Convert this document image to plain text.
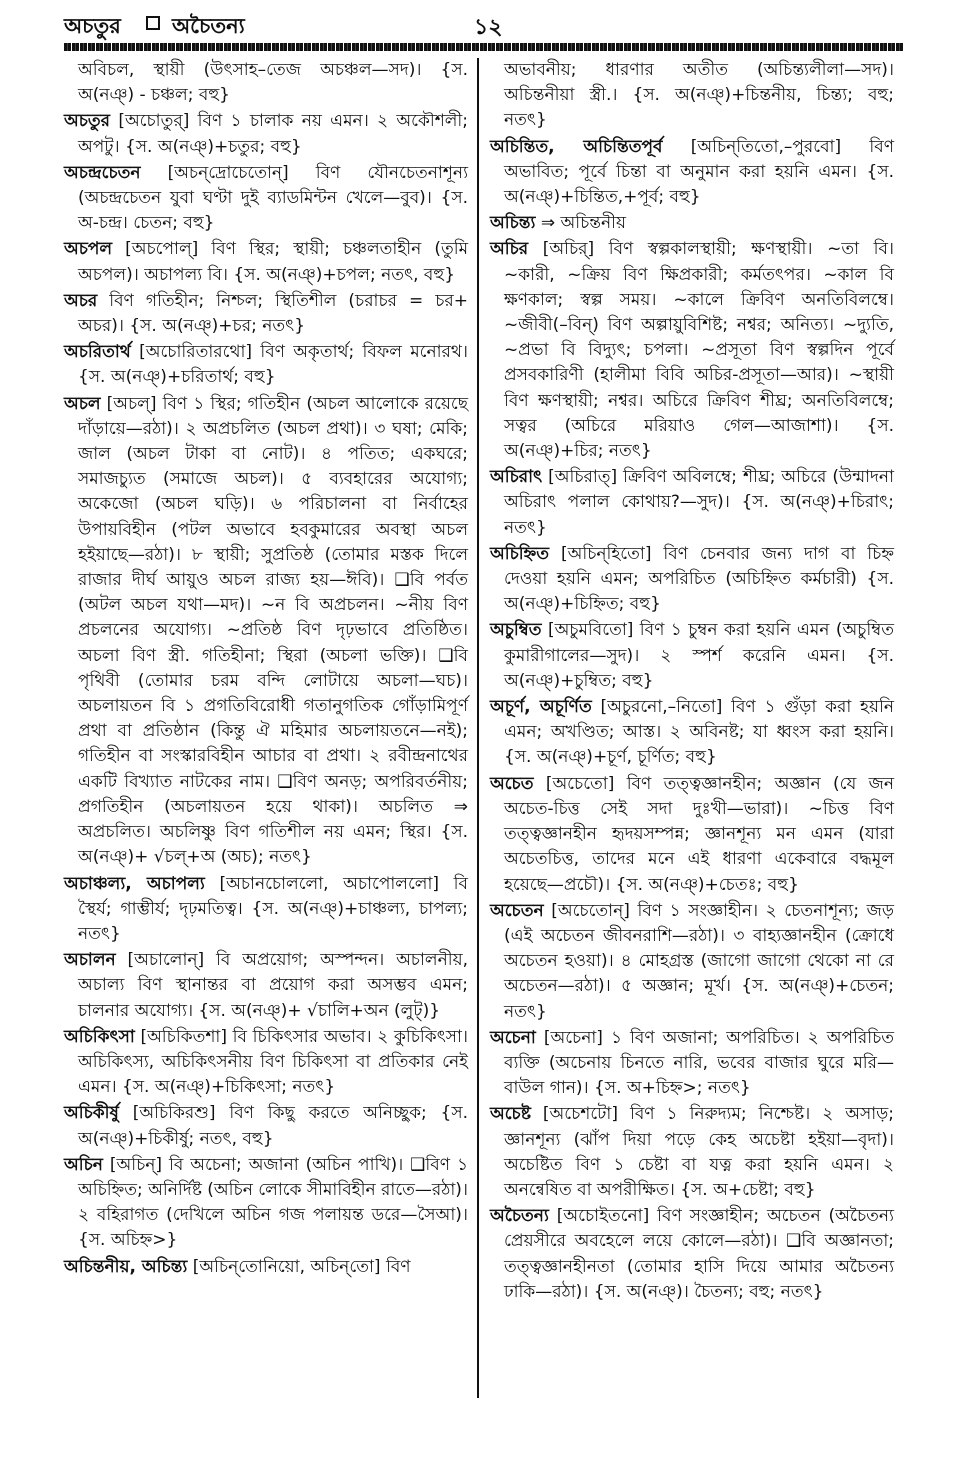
অচতুর অচৈতন্য	১২
অবিচল, স্থায়ী (উৎসাহ–তেজ অচঞ্চল—সদ)। {স. অ(নঞ্‌) - চঞ্চল; বহু}
অচতুর [অচোতুর্] বিণ ১ চালাক নয় এমন। ২ অকৌশলী; অপটু। {স. অ(নঞ্‌)+চতুর; বহু}
অচন্দ্রচেতন [অচন্‌দ্রোচেতোন্] বিণ যৌনচেতনাশূন্য (অচন্দ্রচেতন যুবা ঘণ্টা দুই ব্যাডমিন্টন খেলে—বুব)। {স. অ-চন্দ্র। চেতন; বহু}
অচপল [অচপোল্] বিণ স্থির; স্থায়ী; চঞ্চলতাহীন (তুমি অচপল)। অচাপল্য বি। {স. অ(নঞ্‌)+চপল; নতৎ, বহু}
অচর বিণ গতিহীন; নিশ্চল; স্থিতিশীল (চরাচর = চর+ অচর)। {স. অ(নঞ্‌)+চর; নতৎ}
অচরিতার্থ [অচোরিতারথো] বিণ অকৃতার্থ; বিফল মনোরথ। {স. অ(নঞ্‌)+চরিতার্থ; বহু}
অচল [অচল্] বিণ ১ স্থির; গতিহীন (অচল আলোকে রয়েছে দাঁড়ায়ে—রঠা)। ২ অপ্রচলিত (অচল প্রথা)। ৩ ঘষা; মেকি; জাল (অচল টাকা বা নোট)। ৪ পতিত; একঘরে; সমাজচ্যুত (সমাজে অচল)। ৫ ব্যবহারের অযোগ্য; অকেজো (অচল ঘড়ি)। ৬ পরিচালনা বা নির্বাহের উপায়বিহীন (পটল অভাবে হবকুমারের অবস্থা অচল হইয়াছে—রঠা)। ৮ স্থায়ী; সুপ্রতিষ্ঠ (তোমার মস্তক দিলে রাজার দীর্ঘ আয়ুও অচল রাজ্য হয়—ঈবি)। ❑বি পর্বত (অটল অচল যথা—মদ)। ~ন বি অপ্রচলন। ~নীয় বিণ প্রচলনের অযোগ্য। ~প্রতিষ্ঠ বিণ দৃঢ়ভাবে প্রতিষ্ঠিত। অচলা বিণ স্ত্রী. গতিহীনা; স্থিরা (অচলা ভক্তি)। ❑বি পৃথিবী (তোমার চরম বন্দি লোটায়ে অচলা—ঘচ)। অচলায়তন বি ১ প্রগতিবিরোধী গতানুগতিক গোঁড়ামিপূর্ণ প্রথা বা প্রতিষ্ঠান (কিন্তু ঐ মহিমার অচলায়তনে—নই); গতিহীন বা সংস্কারবিহীন আচার বা প্রথা। ২ রবীন্দ্রনাথের একটি বিখ্যাত নাটকের নাম। ❑বিণ অনড়; অপরিবর্তনীয়; প্রগতিহীন (অচলায়তন হয়ে থাকা)। অচলিত ⇒ অপ্রচলিত। অচলিষ্ণু বিণ গতিশীল নয় এমন; স্থির। {স. অ(নঞ্‌)+ √চল্+অ (অচ); নতৎ}
অচাঞ্চল্য, অচাপল্য [অচানচোললো, অচাপোললো] বি স্থৈর্য; গাম্ভীর্য; দৃঢ়মতিত্ব। {স. অ(নঞ্‌)+চাঞ্চল্য, চাপল্য; নতৎ}
অচালন [অচালোন্] বি অপ্রয়োগ; অস্পন্দন। অচালনীয়, অচাল্য বিণ স্থানান্তর বা প্রয়োগ করা অসম্ভব এমন; চালনার অযোগ্য। {স. অ(নঞ্‌)+ √চালি+অন (লুট্)}
অচিকিৎসা [অচিকিতশা] বি চিকিৎসার অভাব। ২ কুচিকিৎসা। অচিকিৎস্য, অচিকিৎসনীয় বিণ চিকিৎসা বা প্রতিকার নেই এমন। {স. অ(নঞ্‌)+চিকিৎসা; নতৎ}
অচিকীর্ষু [অচিকিরশু] বিণ কিছু করতে অনিচ্ছুক; {স. অ(নঞ্‌)+চিকীর্ষু; নতৎ, বহু}
অচিন [অচিন্] বি অচেনা; অজানা (অচিন পাখি)। ❑বিণ ১ অচিহ্নিত; অনির্দিষ্ট (অচিন লোকে সীমাবিহীন রাতে—রঠা)। ২ বহিরাগত (দেখিলে অচিন গজ পলায়ন্ত ডরে—সৈআ)। {স. অচিহ্ন>}
অচিন্তনীয়, অচিন্ত্য [অচিন্‌তোনিয়ো, অচিন্‌তো] বিণ
অভাবনীয়; ধারণার অতীত (অচিন্ত্যলীলা—সদ)। অচিন্তনীয়া স্ত্রী.। {স. অ(নঞ্‌)+চিন্তনীয়, চিন্ত্য; বহু; নতৎ}
অচিন্তিত, অচিন্তিতপূর্ব [অচিন্‌তিতো,–পুরবো] বিণ অভাবিত; পূর্বে চিন্তা বা অনুমান করা হয়নি এমন। {স. অ(নঞ্‌)+চিন্তিত,+পূর্ব; বহু}
অচিন্ত্য ⇒ অচিন্তনীয়
অচির [অচির্] বিণ স্বল্পকালস্থায়ী; ক্ষণস্থায়ী। ~তা বি। ~কারী, ~ক্রিয় বিণ ক্ষিপ্রকারী; কর্মতৎপর। ~কাল বি ক্ষণকাল; স্বল্প সময়। ~কালে ক্রিবিণ অনতিবিলম্বে। ~জীবী(–বিন্) বিণ অল্পায়ুবিশিষ্ট; নশ্বর; অনিত্য। ~দ্যুতি, ~প্রভা বি বিদ্যুৎ; চপলা। ~প্রসূতা বিণ স্বল্পদিন পূর্বে প্রসবকারিণী (হালীমা বিবি অচির-প্রসূতা—আর)। ~স্থায়ী বিণ ক্ষণস্থায়ী; নশ্বর। অচিরে ক্রিবিণ শীঘ্র; অনতিবিলম্বে; সত্বর (অচিরে মরিয়াও গেল—আজাশা)। {স. অ(নঞ্‌)+চির; নতৎ}
অচিরাৎ [অচিরাত্] ক্রিবিণ অবিলম্বে; শীঘ্র; অচিরে (উন্মাদনা অচিরাৎ পলাল কোথায়?—সুদ)। {স. অ(নঞ্‌)+চিরাৎ; নতৎ}
অচিহ্নিত [অচিন্‌হিতো] বিণ চেনবার জন্য দাগ বা চিহ্ন দেওয়া হয়নি এমন; অপরিচিত (অচিহ্নিত কর্মচারী) {স. অ(নঞ্‌)+চিহ্নিত; বহু}
অচুম্বিত [অচুমবিতো] বিণ ১ চুম্বন করা হয়নি এমন (অচুম্বিত কুমারীগালের—সুদ)। ২ স্পর্শ করেনি এমন। {স. অ(নঞ্‌)+চুম্বিত; বহু}
অচূর্ণ, অচূর্ণিত [অচুরনো,–নিতো] বিণ ১ গুঁড়া করা হয়নি এমন; অখণ্ডিত; আস্ত। ২ অবিনষ্ট; যা ধ্বংস করা হয়নি। {স. অ(নঞ্‌)+চূর্ণ, চূর্ণিত; বহু}
অচেত [অচেতো] বিণ তত্ত্বজ্ঞানহীন; অজ্ঞান (যে জন অচেত-চিত্ত সেই সদা দুঃখী—ভারা)। ~চিত্ত বিণ তত্ত্বজ্ঞানহীন হৃদয়সম্পন্ন; জ্ঞানশূন্য মন এমন (যারা অচেতচিত্ত, তাদের মনে এই ধারণা একেবারে বদ্ধমূল হয়েছে—প্রচৌ)। {স. অ(নঞ্‌)+চেতঃ; বহু}
অচেতন [অচেতোন্] বিণ ১ সংজ্ঞাহীন। ২ চেতনাশূন্য; জড় (এই অচেতন জীবনরাশি—রঠা)। ৩ বাহ্যজ্ঞানহীন (ক্রোধে অচেতন হওয়া)। ৪ মোহগ্রস্ত (জাগো জাগো থেকো না রে অচেতন—রঠা)। ৫ অজ্ঞান; মূর্খ। {স. অ(নঞ্‌)+চেতন; নতৎ}
অচেনা [অচেনা] ১ বিণ অজানা; অপরিচিত। ২ অপরিচিত ব্যক্তি (অচেনায় চিনতে নারি, ভবের বাজার ঘুরে মরি—বাউল গান)। {স. অ+চিহ্ন>; নতৎ}
অচেষ্ট [অচেশটো] বিণ ১ নিরুদ্যম; নিশ্চেষ্ট। ২ অসাড়; জ্ঞানশূন্য (ঝাঁপ দিয়া পড়ে কেহ অচেষ্টা হইয়া—বৃদা)। অচেষ্টিত বিণ ১ চেষ্টা বা যত্ন করা হয়নি এমন। ২ অনন্বেষিত বা অপরীক্ষিত। {স. অ+চেষ্টা; বহু}
অচৈতন্য [অচোইতনো] বিণ সংজ্ঞাহীন; অচেতন (অচৈতন্য প্রেয়সীরে অবহেলে লয়ে কোলে—রঠা)। ❑বি অজ্ঞানতা; তত্ত্বজ্ঞানহীনতা (তোমার হাসি দিয়ে আমার অচৈতন্য ঢাকি—রঠা)। {স. অ(নঞ্‌)। চৈতন্য; বহু; নতৎ}
